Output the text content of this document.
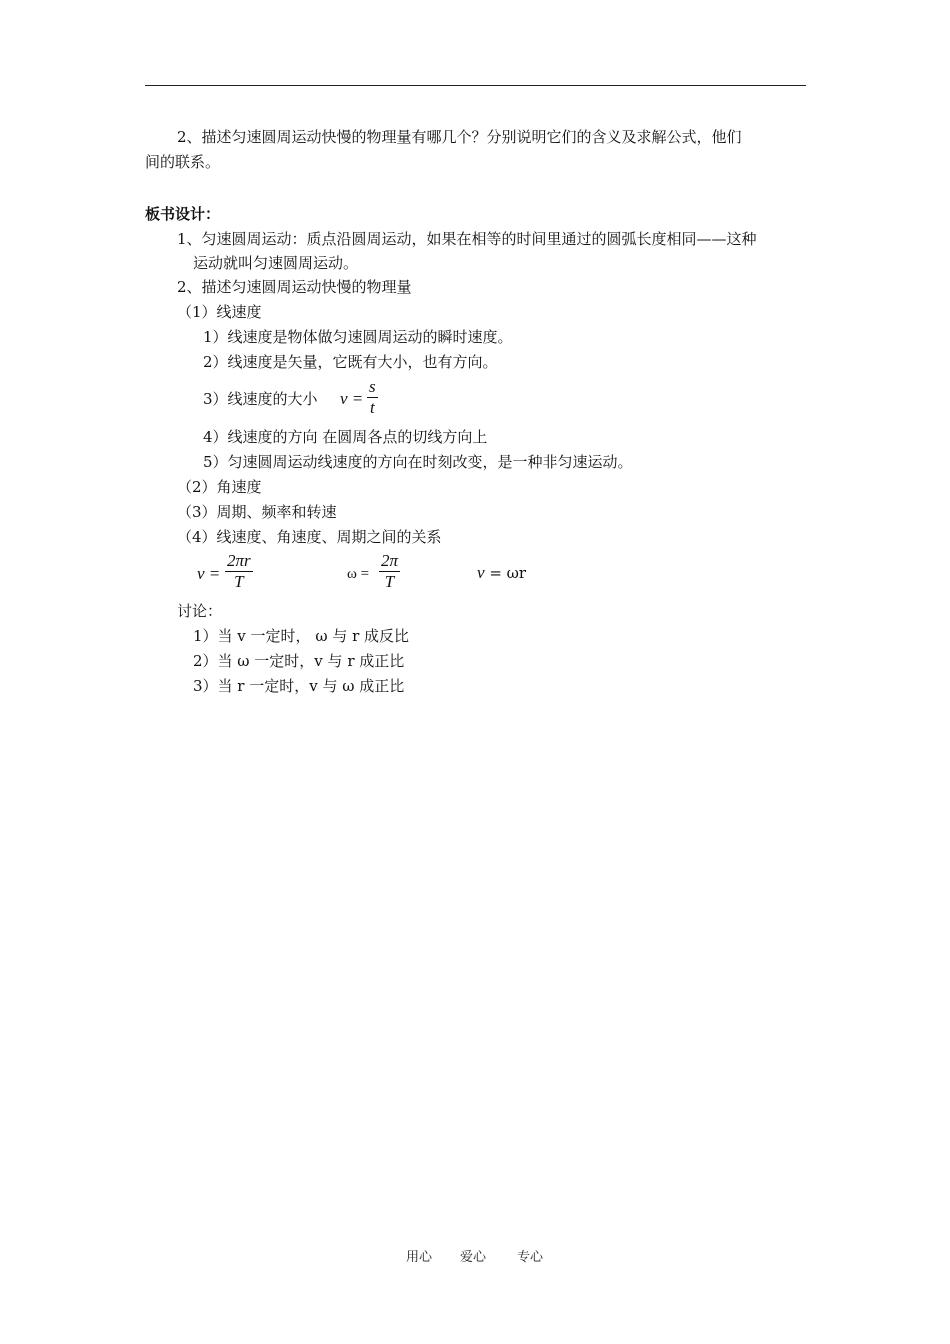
2、描述匀速圆周运动快慢的物理量有哪几个？分别说明它们的含义及求解公式，他们
间的联系。
板书设计：
1、匀速圆周运动：质点沿圆周运动，如果在相等的时间里通过的圆弧长度相同——这种
运动就叫匀速圆周运动。
2、描述匀速圆周运动快慢的物理量
（1）线速度
1）线速度是物体做匀速圆周运动的瞬时速度。
2）线速度是矢量，它既有大小，也有方向。
3）线速度的大小 v =
s
t
4）线速度的方向 在圆周各点的切线方向上
5）匀速圆周运动线速度的方向在时刻改变，是一种非匀速运动。
（2）角速度
（3）周期、频率和转速
（4）线速度、角速度、周期之间的关系
v =
2πr
T	ω =
2π
T	v = ωr
讨论：
1）当 v 一定时， ω 与 r 成反比
2）当 ω 一定时，v 与 r 成正比
3）当 r 一定时，v 与 ω 成正比
用心 爱心 专心
